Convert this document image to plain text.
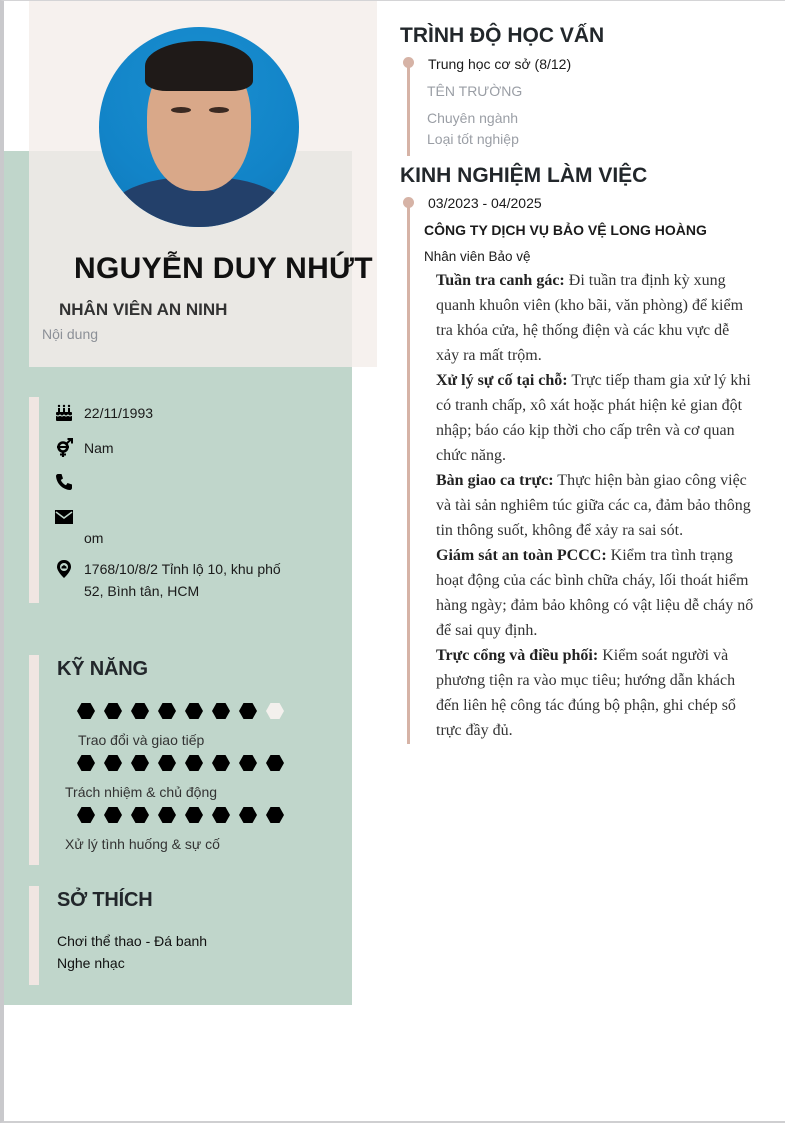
NGUYỄN DUY NHỨT
NHÂN VIÊN AN NINH
Nội dung
22/11/1993
Nam
om
1768/10/8/2 Tỉnh lộ 10, khu phố
52, Bình tân, HCM
KỸ NĂNG
Trao đổi và giao tiếp
Trách nhiệm & chủ động
Xử lý tình huống & sự cố
SỞ THÍCH
Chơi thể thao - Đá banh
Nghe nhạc
TRÌNH ĐỘ HỌC VẤN
Trung học cơ sở (8/12)
TÊN TRƯỜNG
Chuyên ngành
Loại tốt nghiệp
KINH NGHIỆM LÀM VIỆC
03/2023 - 04/2025
CÔNG TY DỊCH VỤ BẢO VỆ LONG HOÀNG
Nhân viên Bảo vệ

Tuần tra canh gác: Đi tuần tra định kỳ xung quanh khuôn viên (kho bãi, văn phòng) để kiểm tra khóa cửa, hệ thống điện và các khu vực dễ xảy ra mất trộm.

Xử lý sự cố tại chỗ: Trực tiếp tham gia xử lý khi có tranh chấp, xô xát hoặc phát hiện kẻ gian đột nhập; báo cáo kịp thời cho cấp trên và cơ quan chức năng.

Bàn giao ca trực: Thực hiện bàn giao công việc và tài sản nghiêm túc giữa các ca, đảm bảo thông tin thông suốt, không để xảy ra sai sót.

Giám sát an toàn PCCC: Kiểm tra tình trạng hoạt động của các bình chữa cháy, lối thoát hiểm hàng ngày; đảm bảo không có vật liệu dễ cháy nổ để sai quy định.

Trực cổng và điều phối: Kiểm soát người và phương tiện ra vào mục tiêu; hướng dẫn khách đến liên hệ công tác đúng bộ phận, ghi chép sổ trực đầy đủ.
